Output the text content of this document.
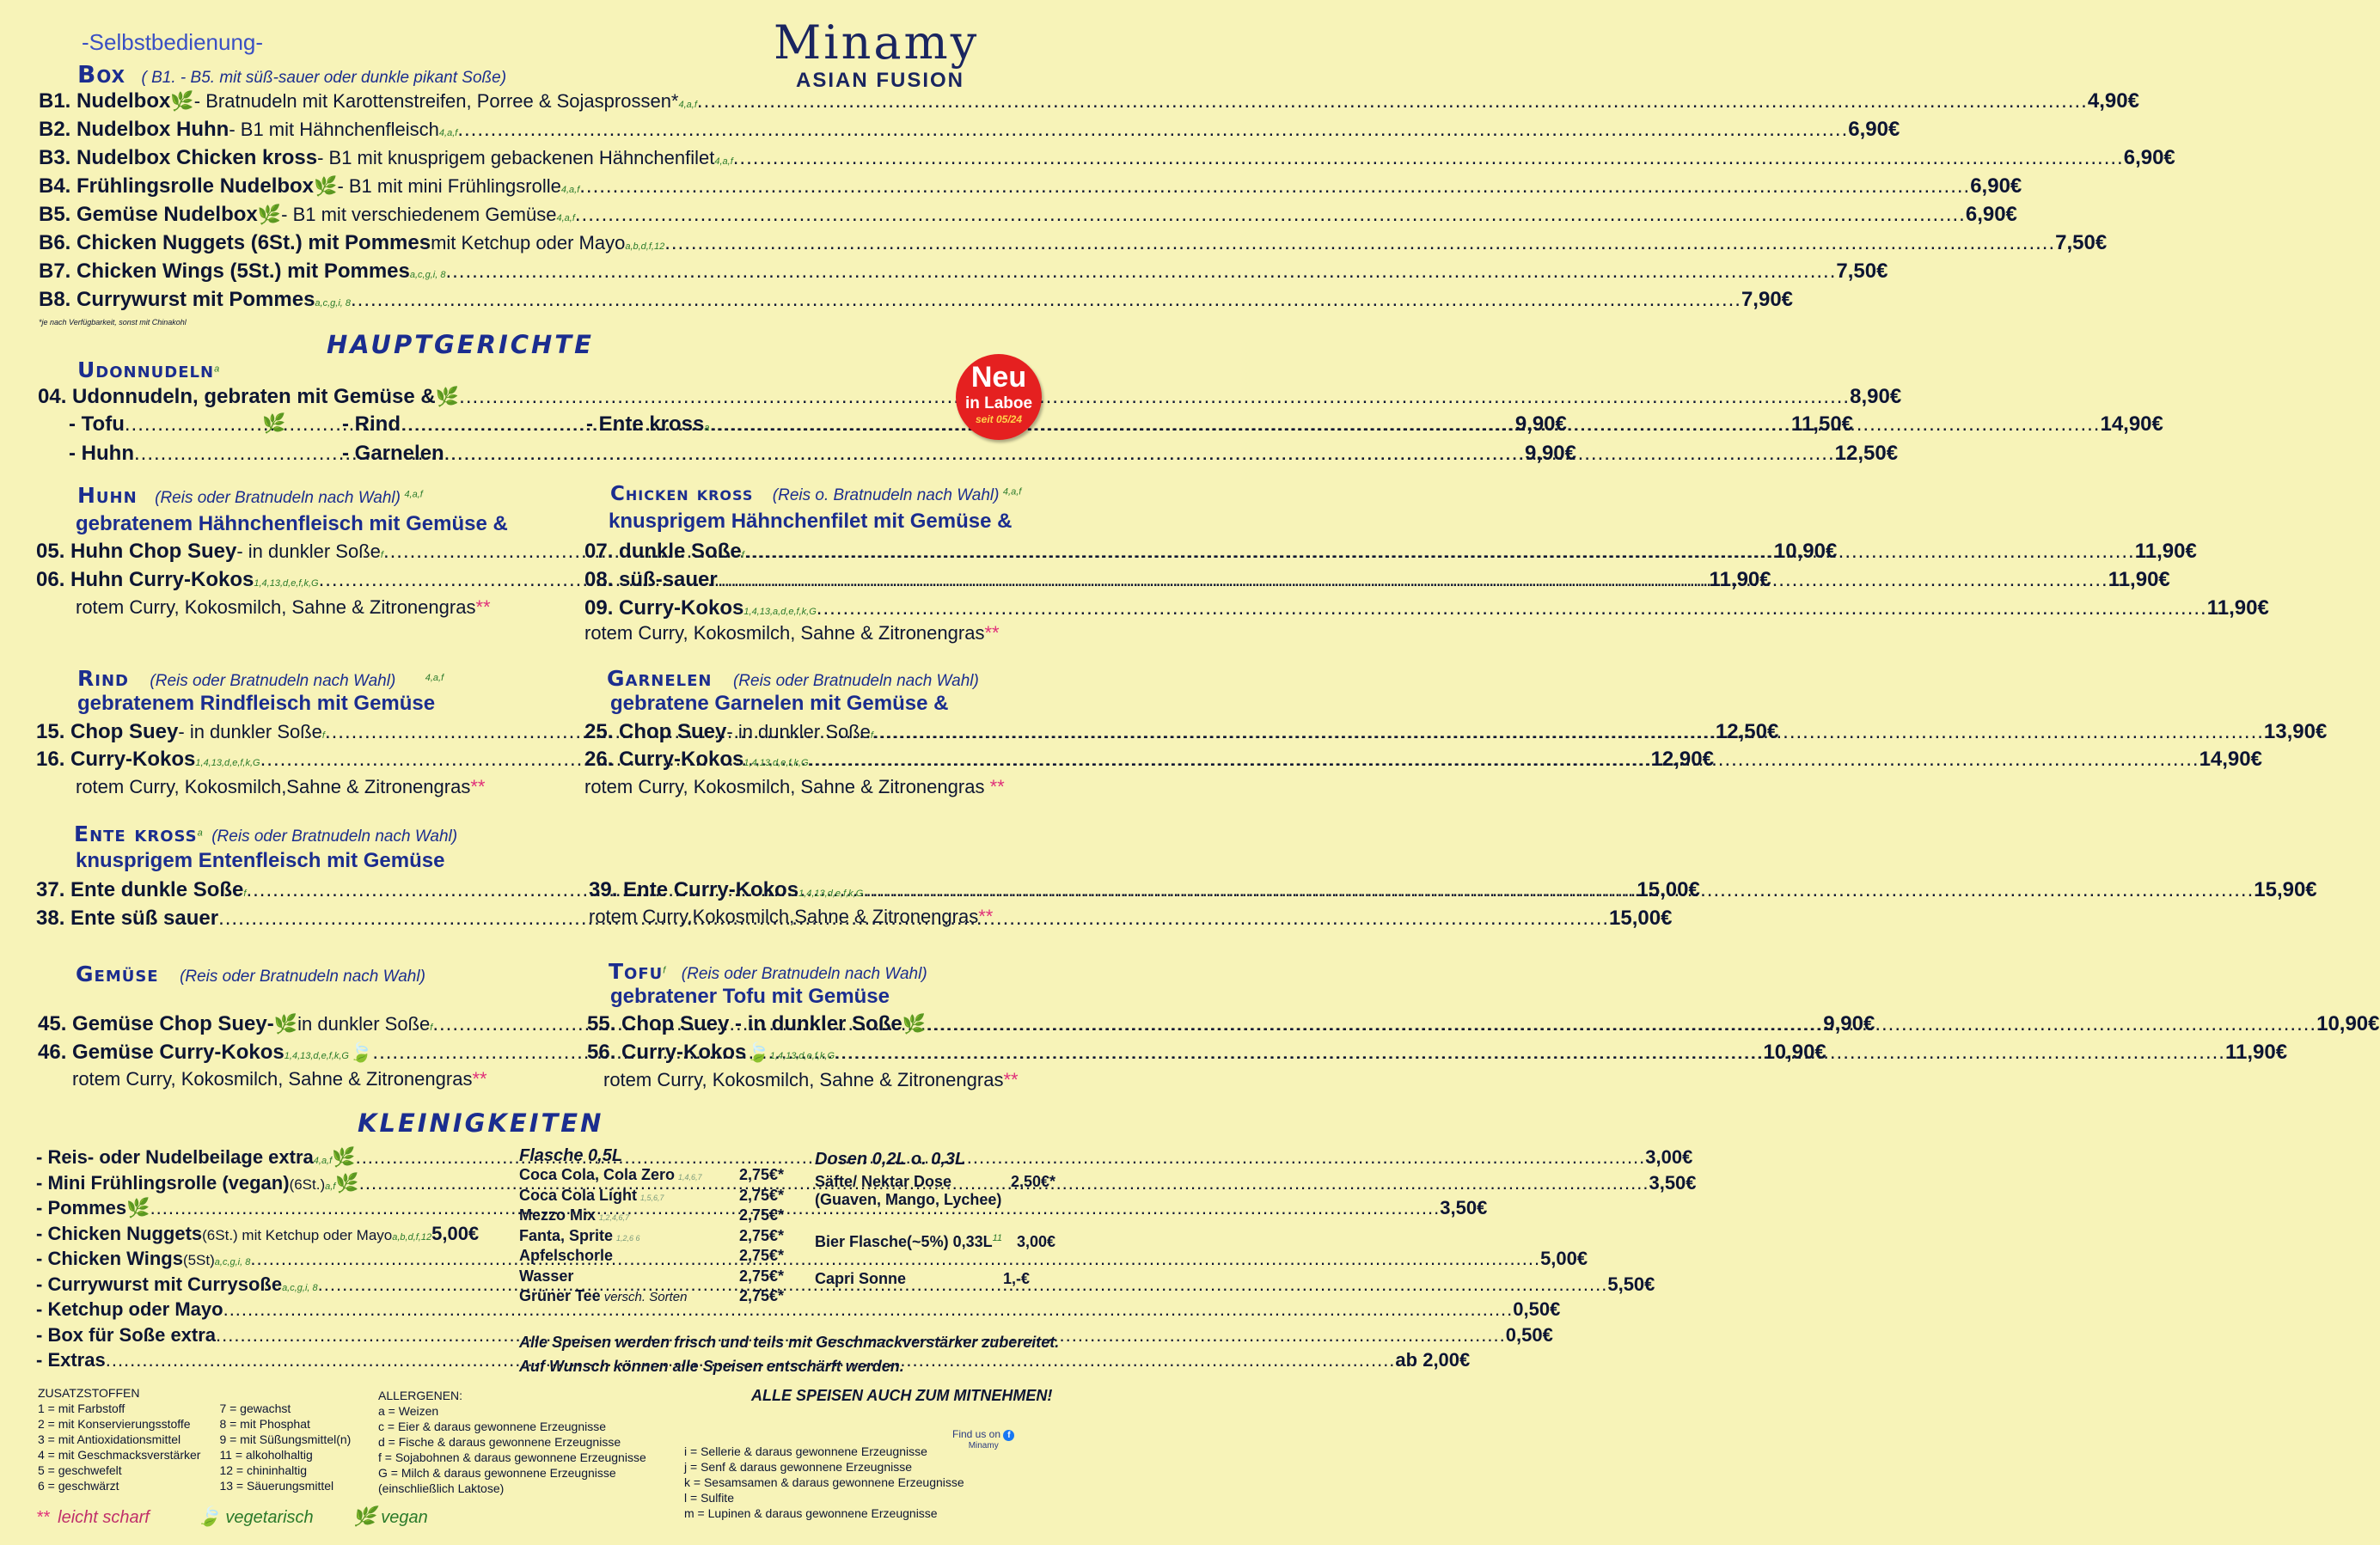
-Selbstbedienung-	Minamy
ASIAN FUSION
Box ( B1. - B5. mit süß-sauer oder dunkle pikant Soße)
B1. Nudelbox 🌿 - Bratnudeln mit Karottenstreifen, Porree & Sojasprossen* 4,a,f .....	4,90€
B2. Nudelbox Huhn - B1 mit Hähnchenfleisch 4,a,f .....	6,90€
B3. Nudelbox Chicken kross - B1 mit knusprigem gebackenen Hähnchenfilet 4,a,f .....	6,90€
B4. Frühlingsrolle Nudelbox 🌿 - B1 mit mini Frühlingsrolle 4,a,f .....	6,90€
B5. Gemüse Nudelbox 🌿 - B1 mit verschiedenem Gemüse 4,a,f .....	6,90€
B6. Chicken Nuggets (6St.) mit Pommes mit Ketchup oder Mayo a,b,d,f,12 .....	7,50€
B7. Chicken Wings (5St.) mit Pommes a,c,g,i, 8 .....	7,50€
B8. Currywurst mit Pommes a,c,g,i, 8 .....	7,90€
*je nach Verfügbarkeit, sonst mit Chinakohl
HAUPTGERICHTE
Udonnudeln$^a$
04. Udonnudeln, gebraten mit Gemüse & 🌿 .....	8,90€
- Tofu .....	9,90€
🌿
- Huhn .....	9,90€
- Rind .....	11,50€
- Garnelen .....	12,50€
- Ente kross a .....	14,90€
Neu
in Laboe
seit 05/24
Huhn (Reis oder Bratnudeln nach Wahl) $^{4,a,f}$
gebratenem Hähnchenfleisch mit Gemüse &
05. Huhn Chop Suey - in dunkler Soße f .....	10,90€
06. Huhn Curry-Kokos 1,4,13,d,e,f,k,G .....	11,90€
rotem Curry, Kokosmilch, Sahne & Zitronengras**
Chicken kross (Reis o. Bratnudeln nach Wahl) $^{4,a,f}$
knusprigem Hähnchenfilet mit Gemüse &
07. dunkle Soße f .....	11,90€
08. süß-sauer .....	11,90€
09. Curry-Kokos 1,4,13,a,d,e,f,k,G .....	11,90€
rotem Curry, Kokosmilch, Sahne & Zitronengras**
Rind (Reis oder Bratnudeln nach Wahl)	$^{4,a,f}$
gebratenem Rindfleisch mit Gemüse
15. Chop Suey - in dunkler Soße f .....	12,50€
16. Curry-Kokos 1,4,13,d,e,f,k,G .....	12,90€
rotem Curry, Kokosmilch,Sahne & Zitronengras**
Garnelen (Reis oder Bratnudeln nach Wahl)
gebratene Garnelen mit Gemüse &
25. Chop Suey - in dunkler Soße f .....	13,90€
26. Curry-Kokos 1,4,13,d,e,f,k,G .....	14,90€
rotem Curry, Kokosmilch, Sahne & Zitronengras **
Ente kross$^a$ (Reis oder Bratnudeln nach Wahl)
knusprigem Entenfleisch mit Gemüse
37. Ente dunkle Soße f .....	15,00€
38. Ente süß sauer .....	15,00€
39. Ente Curry-Kokos 1,4,13,d,e,f,k,G .....	15,90€
rotem Curry,Kokosmilch,Sahne & Zitronengras**
Gemüse (Reis oder Bratnudeln nach Wahl)
45. Gemüse Chop Suey- 🌿 in dunkler Soße f .....	9,90€
46. Gemüse Curry-Kokos 1,4,13,d,e,f,k,G 🍃 .....	10,90€
rotem Curry, Kokosmilch, Sahne & Zitronengras**
Tofu$^f$ (Reis oder Bratnudeln nach Wahl)
gebratener Tofu mit Gemüse
55. Chop Suey - in dunkler Soße 🌿 .....	10,90€
56. Curry-Kokos 🍃 1,4,13,d,e,f,k,G .....	11,90€
rotem Curry, Kokosmilch, Sahne & Zitronengras**
KLEINIGKEITEN
- Reis- oder Nudelbeilage extra 4,a,f 🌿 .....	3,00€
- Mini Frühlingsrolle (vegan) (6St.) a,f 🌿 .....	3,50€
- Pommes 🌿 .....	3,50€
- Chicken Nuggets (6St.) mit Ketchup oder Mayo a,b,d,f,12 5,00€
- Chicken Wings (5St) a,c,g,i, 8 .....	5,00€
- Currywurst mit Currysoße a,c,g,i, 8 .....	5,50€
- Ketchup oder Mayo .....	0,50€
- Box für Soße extra .....	0,50€
- Extras .....	ab 2,00€
Flasche 0,5L
Coca Cola, Cola Zero 1,4,6,7 2,75€*
Coca Cola Light 1,5,6,7	2,75€*
Mezzo Mix 1,2,4,6,7	2,75€*
Fanta, Sprite 1,2,6 6	2,75€*
Apfelschorle	2,75€*
Wasser	2,75€*
Grüner Tee versch. Sorten	2,75€*
Dosen 0,2L o. 0,3L
Säfte/ Nektar Dose	2,50€*
(Guaven, Mango, Lychee)
Bier Flasche(~5%) $0,33L^{11}$ 3,00€
Capri Sonne	1,-€
Alle Speisen werden frisch und teils mit Geschmackverstärker zubereitet.
Auf Wunsch können alle Speisen entschärft werden.
ALLE SPEISEN AUCH ZUM MITNEHMEN!
ZUSATZSTOFFEN
1 = mit Farbstoff
2 = mit Konservierungsstoffe
3 = mit Antioxidationsmittel
4 = mit Geschmacksverstärker
5 = geschwefelt
6 = geschwärzt
7 = gewachst
8 = mit Phosphat
9 = mit Süßungsmittel(n)
11 = alkoholhaltig
12 = chininhaltig
13 = Säuerungsmittel
ALLERGENEN:
a = Weizen
c = Eier & daraus gewonnene Erzeugnisse
d = Fische & daraus gewonnene Erzeugnisse
f = Sojabohnen & daraus gewonnene Erzeugnisse
G = Milch & daraus gewonnene Erzeugnisse
(einschließlich Laktose)
i = Sellerie & daraus gewonnene Erzeugnisse
j = Senf & daraus gewonnene Erzeugnisse
k = Sesamsamen & daraus gewonnene Erzeugnisse
l = Sulfite
m = Lupinen & daraus gewonnene Erzeugnisse
Find us on f
Minamy
** leicht scharf	🍃 vegetarisch 🌿 vegan
